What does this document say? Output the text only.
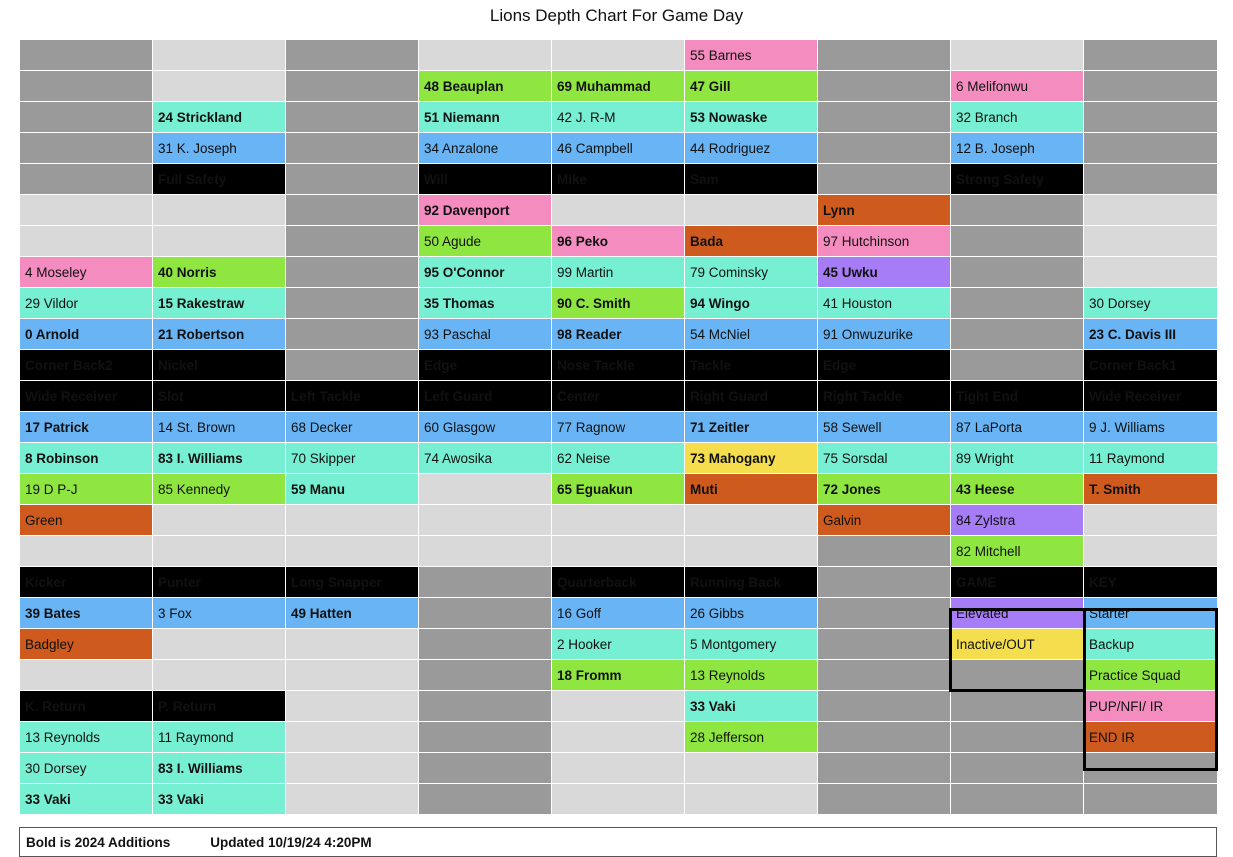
Lions Depth Chart For Game Day
					55 Barnes			
			48 Beauplan	69 Muhammad	47 Gill		6 Melifonwu	
	24 Strickland		51 Niemann	42 J. R-M	53 Nowaske		32 Branch	
	31 K. Joseph		34 Anzalone	46 Campbell	44 Rodriguez		12 B. Joseph	
	Full Safety		Will	Mike	Sam		Strong Safety	
			92 Davenport			Lynn		
			50 Agude	96 Peko	Bada	97 Hutchinson		
4 Moseley	40 Norris		95 O'Connor	99 Martin	79 Cominsky	45 Uwku		
29 Vildor	15 Rakestraw		35 Thomas	90 C. Smith	94 Wingo	41 Houston		30 Dorsey
0 Arnold	21 Robertson		93 Paschal	98 Reader	54 McNiel	91 Onwuzurike		23 C. Davis III
Corner Back2	Nickel		Edge	Nose Tackle	Tackle	Edge		Corner Back1
Wide Receiver	Slot	Left Tackle	Left Guard	Center	Right Guard	Right Tackle	Tight End	Wide Receiver
17 Patrick	14 St. Brown	68 Decker	60 Glasgow	77 Ragnow	71 Zeitler	58 Sewell	87 LaPorta	9 J. Williams
8 Robinson	83 I. Williams	70 Skipper	74 Awosika	62 Neise	73 Mahogany	75 Sorsdal	89 Wright	11 Raymond
19 D P-J	85 Kennedy	59 Manu		65 Eguakun	Muti	72 Jones	43 Heese	T. Smith
Green						Galvin	84 Zylstra	
							82 Mitchell	
Kicker	Punter	Long Snapper		Quarterback	Running Back		GAME	KEY
39 Bates	3 Fox	49 Hatten		16 Goff	26 Gibbs		Elevated	Starter
Badgley				2 Hooker	5 Montgomery		Inactive/OUT	Backup
				18 Fromm	13 Reynolds			Practice Squad
K. Return	P. Return				33 Vaki			PUP/NFI/ IR
13 Reynolds	11 Raymond				28 Jefferson			END IR
30 Dorsey	83 I. Williams							
33 Vaki	33 Vaki							
Bold is 2024 Additions	Updated 10/19/24 4:20PM
